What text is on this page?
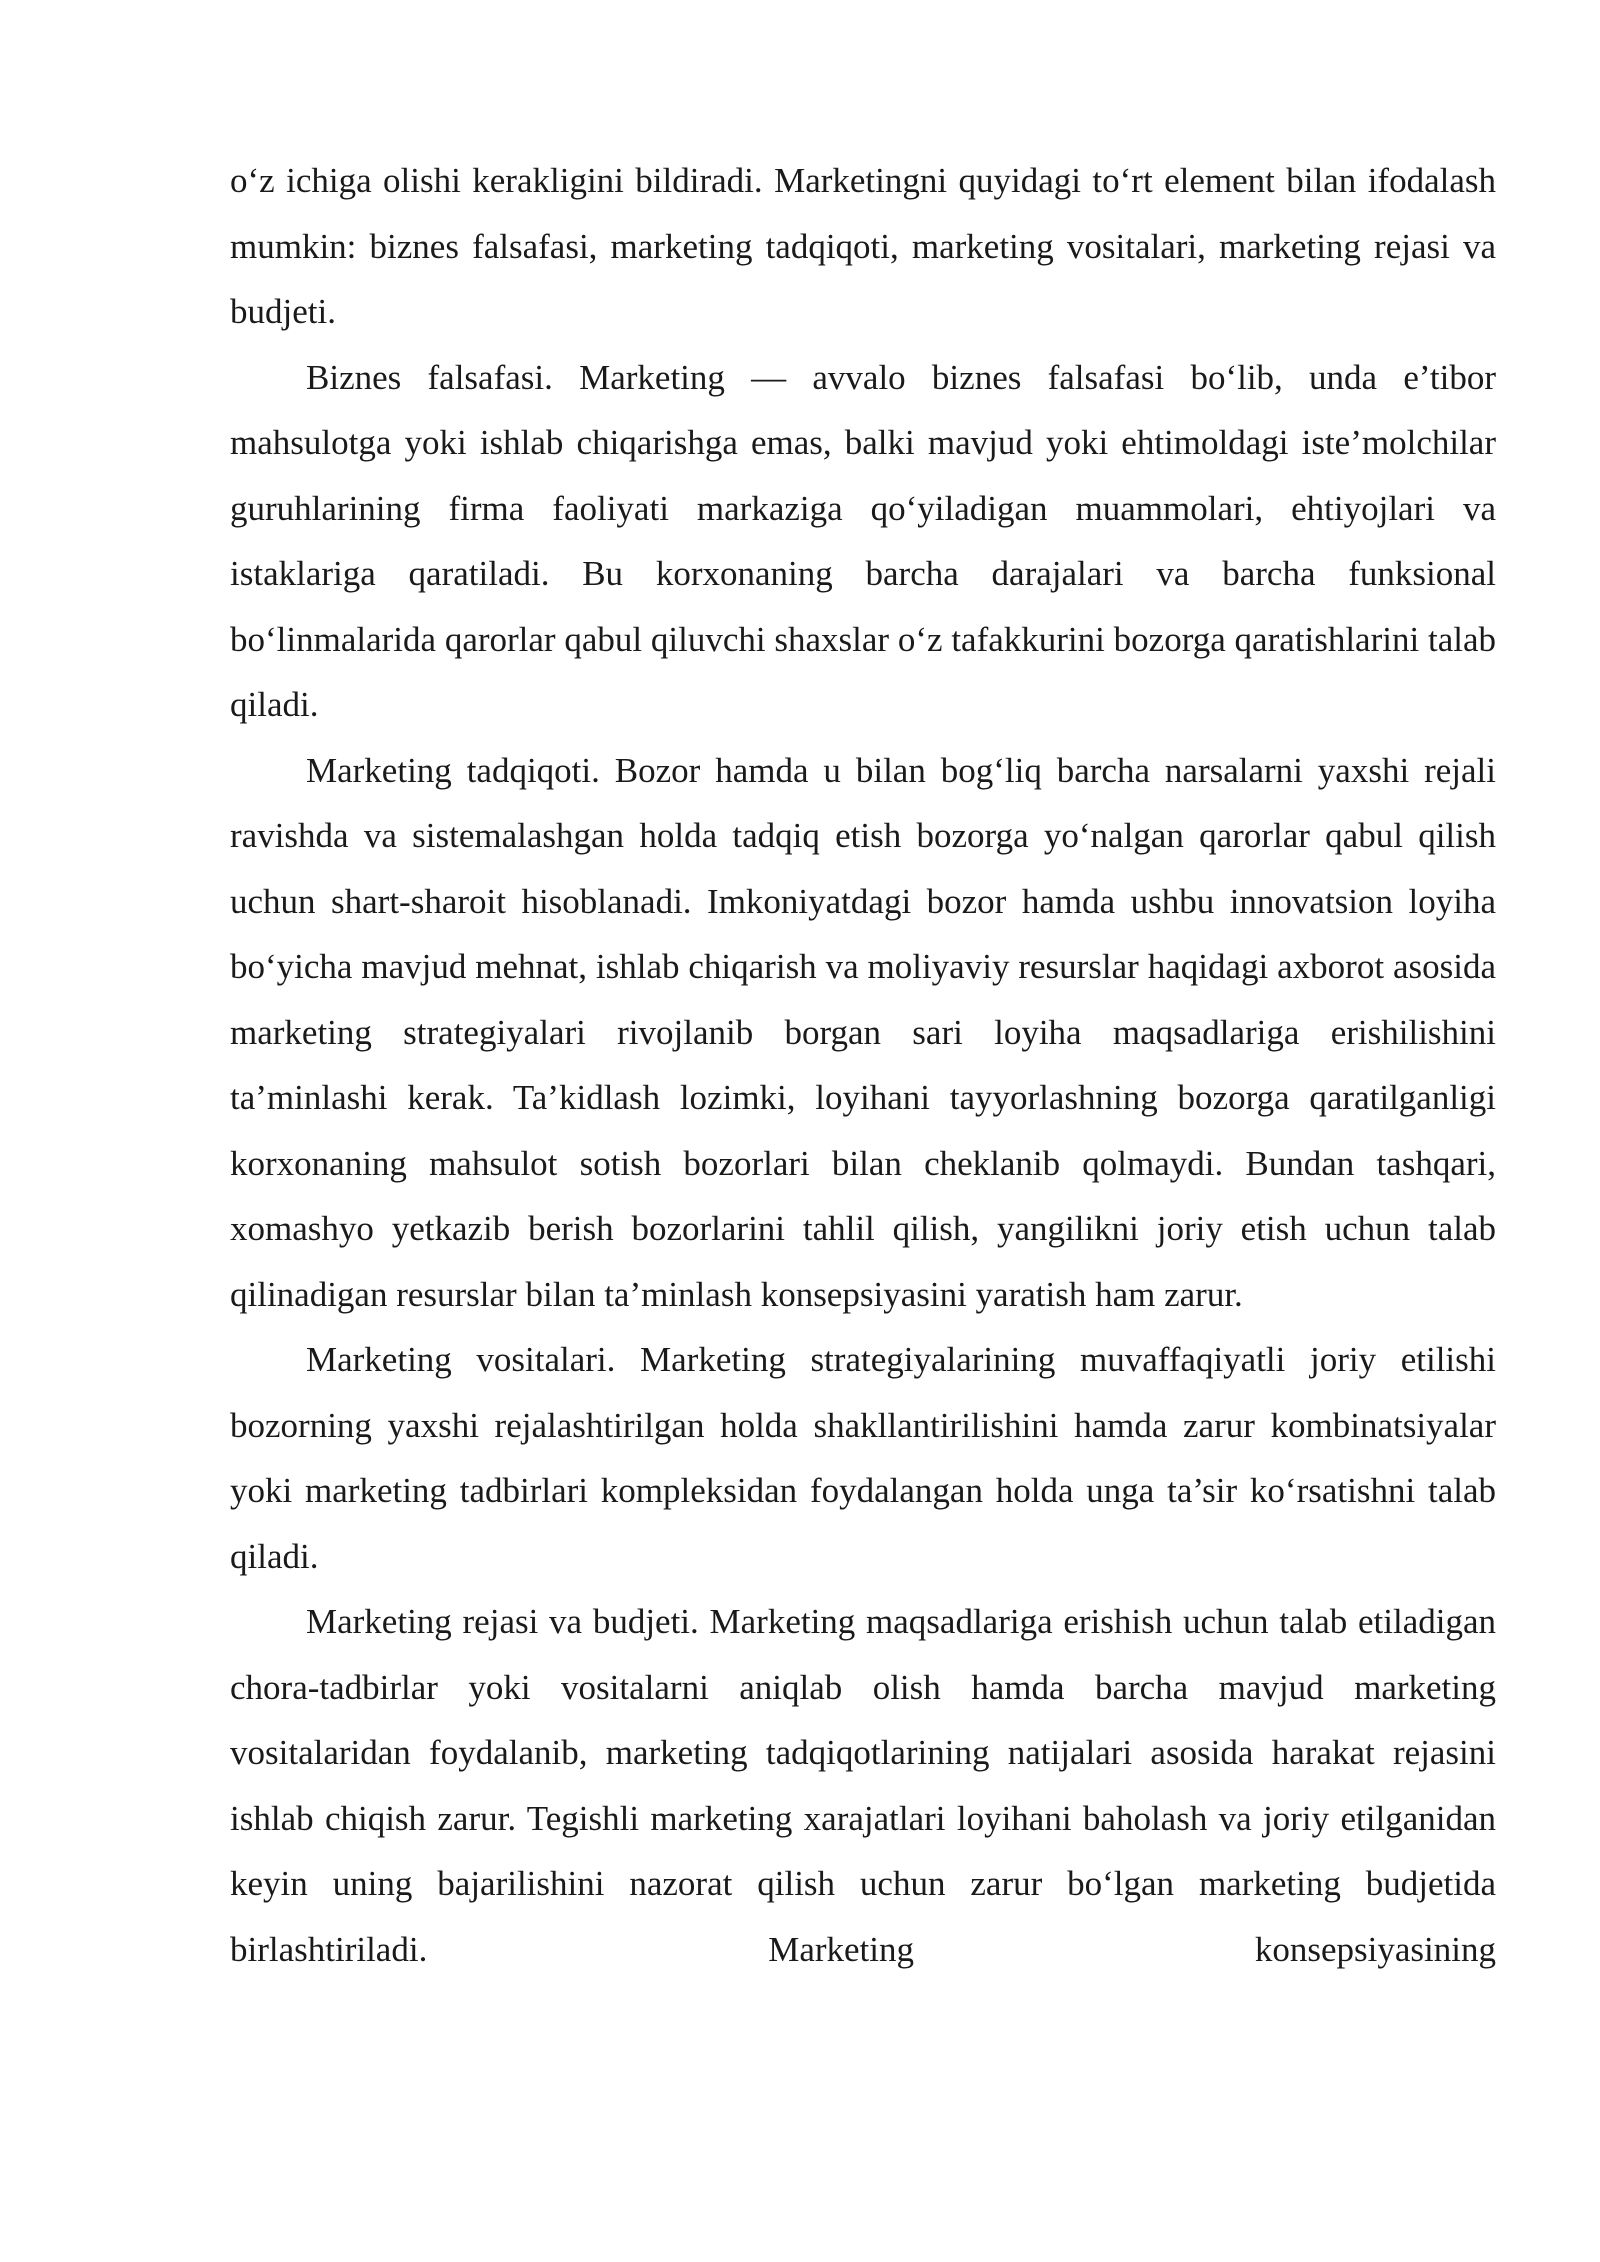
o‘z ichiga olishi kerakligini bildiradi. Marketingni quyidagi to‘rt element bilan ifodalash mumkin: biznes falsafasi, marketing tadqiqoti, marketing vositalari, marketing rejasi va budjeti.

Biznes falsafasi. Marketing — avvalo biznes falsafasi bo‘lib, unda e’tibor mahsulotga yoki ishlab chiqarishga emas, balki mavjud yoki ehtimoldagi iste’molchilar guruhlarining firma faoliyati markaziga qo‘yiladigan muammolari, ehtiyojlari va istaklariga qaratiladi. Bu korxonaning barcha darajalari va barcha funksional bo‘linmalarida qarorlar qabul qiluvchi shaxslar o‘z tafakkurini bozorga qaratishlarini talab qiladi.

Marketing tadqiqoti. Bozor hamda u bilan bog‘liq barcha narsalarni yaxshi rejali ravishda va sistemalashgan holda tadqiq etish bozorga yo‘nalgan qarorlar qabul qilish uchun shart-sharoit hisoblanadi. Imkoniyatdagi bozor hamda ushbu innovatsion loyiha bo‘yicha mavjud mehnat, ishlab chiqarish va moliyaviy resurslar haqidagi axborot asosida marketing strategiyalari rivojlanib borgan sari loyiha maqsadlariga erishilishini ta’minlashi kerak. Ta’kidlash lozimki, loyihani tayyorlashning bozorga qaratilganligi korxonaning mahsulot sotish bozorlari bilan cheklanib qolmaydi. Bundan tashqari, xomashyo yetkazib berish bozorlarini tahlil qilish, yangilikni joriy etish uchun talab qilinadigan resurslar bilan ta’minlash konsepsiyasini yaratish ham zarur.

Marketing vositalari. Marketing strategiyalarining muvaffaqiyatli joriy etilishi bozorning yaxshi rejalashtirilgan holda shakllantirilishini hamda zarur kombinatsiyalar yoki marketing tadbirlari kompleksidan foydalangan holda unga ta’sir ko‘rsatishni talab qiladi.

Marketing rejasi va budjeti. Marketing maqsadlariga erishish uchun talab etiladigan chora-tadbirlar yoki vositalarni aniqlab olish hamda barcha mavjud marketing vositalaridan foydalanib, marketing tadqiqotlarining natijalari asosida harakat rejasini ishlab chiqish zarur. Tegishli marketing xarajatlari loyihani baholash va joriy etilganidan keyin uning bajarilishini nazorat qilish uchun zarur bo‘lgan marketing budjetida birlashtiriladi. Marketing konsepsiyasining
